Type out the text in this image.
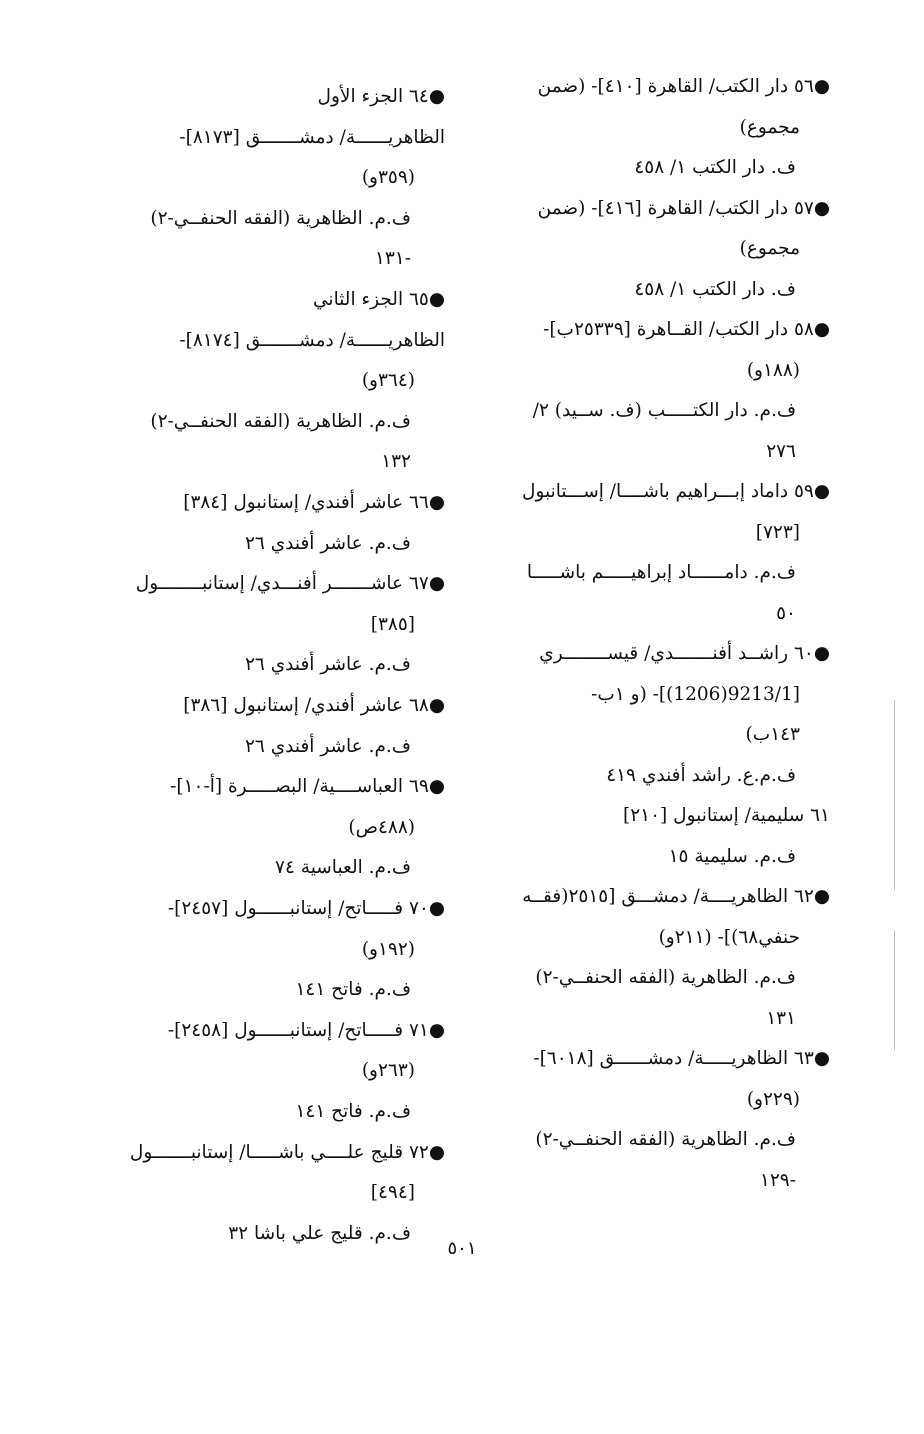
●٥٦ دار الكتب/ القاهرة [٤١٠]- (ضمن
مجموع)
ف. دار الكتب ١/ ٤٥٨
●٥٧ دار الكتب/ القاهرة [٤١٦]- (ضمن
مجموع)
ف. دار الكتب ١/ ٤٥٨
●٥٨ دار الكتب/ القــاهرة [٢٥٣٣٩ب]-
(١٨٨و)
ف.م. دار الكتـــــب (ف. ســيد) ٢/
٢٧٦
●٥٩ داماد إبـــراهيم باشــــا/ إســـتانبول
[٧٢٣]
ف.م. دامــــــاد إبراهيـــــم باشـــــا
٥٠
●٦٠ راشــد أفنـــــــدي/ قيســــــــري
[9213/1(1206)]- (و ١ب-
١٤٣ب)
ف.م.ع. راشد أفندي ٤١٩
٦١ سليمية/ إستانبول [٢١٠]
ف.م. سليمية ١٥
●٦٢ الظاهريــــة/ دمشـــق [٢٥١٥(فقــه
حنفي٦٨)]- (٢١١و)
ف.م. الظاهرية (الفقه الحنفــي-٢)
١٣١
●٦٣ الظاهريـــــة/ دمشــــــق [٦٠١٨]-
(٢٢٩و)
ف.م. الظاهرية (الفقه الحنفــي-٢)
-١٢٩
●٦٤ الجزء الأول
الظاهريــــــة/ دمشـــــــق [٨١٧٣]-
(٣٥٩و)
ف.م. الظاهرية (الفقه الحنفــي-٢)
-١٣١
●٦٥ الجزء الثاني
الظاهريــــــة/ دمشـــــــق [٨١٧٤]-
(٣٦٤و)
ف.م. الظاهرية (الفقه الحنفــي-٢)
١٣٢
●٦٦ عاشر أفندي/ إستانبول [٣٨٤]
ف.م. عاشر أفندي ٢٦
●٦٧ عاشـــــــر أفنـــدي/ إستانبــــــــول
[٣٨٥]
ف.م. عاشر أفندي ٢٦
●٦٨ عاشر أفندي/ إستانبول [٣٨٦]
ف.م. عاشر أفندي ٢٦
●٦٩ العباســــية/ البصـــــرة [أ-١٠]-
(٤٨٨ص)
ف.م. العباسية ٧٤
●٧٠ فـــــاتح/ إستانبــــــول [٢٤٥٧]-
(١٩٢و)
ف.م. فاتح ١٤١
●٧١ فـــــاتح/ إستانبــــــول [٢٤٥٨]-
(٢٦٣و)
ف.م. فاتح ١٤١
●٧٢ قليج علــــي باشـــــا/ إستانبـــــــول
[٤٩٤]
ف.م. قليج علي باشا ٣٢
٥٠١
